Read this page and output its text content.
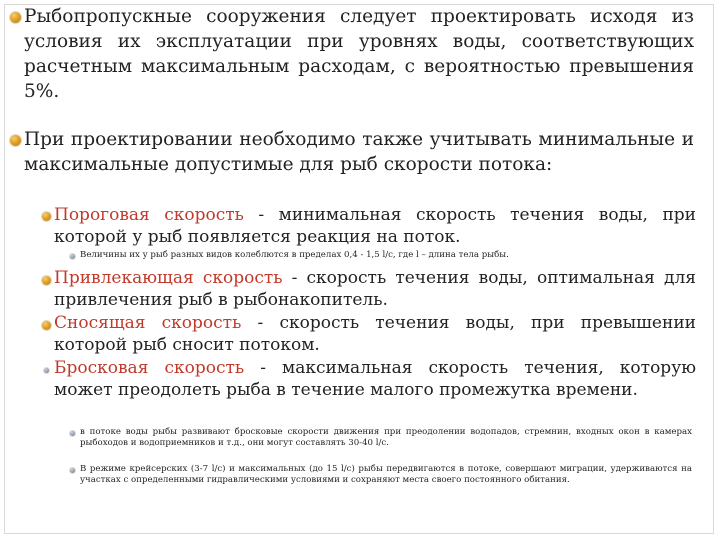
Рыбопропускные сооружения следует проектировать исходя из условия их эксплуатации при уровнях воды, соответствующих расчетным максимальным расходам, с вероятностью превышения 5%.
При проектировании необходимо также учитывать минимальные и максимальные допустимые для рыб скорости потока:
Пороговая скорость - минимальная скорость течения воды, при которой у рыб появляется реакция на поток.
Величины их у рыб разных видов колеблются в пределах 0,4 - 1,5 l/с, где l – длина тела рыбы.
Привлекающая скорость - скорость течения воды, оптимальная для привлечения рыб в рыбонакопитель.
Сносящая скорость - скорость течения воды, при превышении которой рыб сносит потоком.
Бросковая скорость - максимальная скорость течения, которую может преодолеть рыба в течение малого промежутка времени.
в потоке воды рыбы развивают бросковые скорости движения при преодолении водопадов, стремнин, входных окон в камерах рыбоходов и водоприемников и т.д., они могут составлять 30-40 l/с.
В режиме крейсерских (3-7 l/с) и максимальных (до 15 l/с) рыбы передвигаются в потоке, совершают миграции, удерживаются на участках с определенными гидравлическими условиями и сохраняют места своего постоянного обитания.
